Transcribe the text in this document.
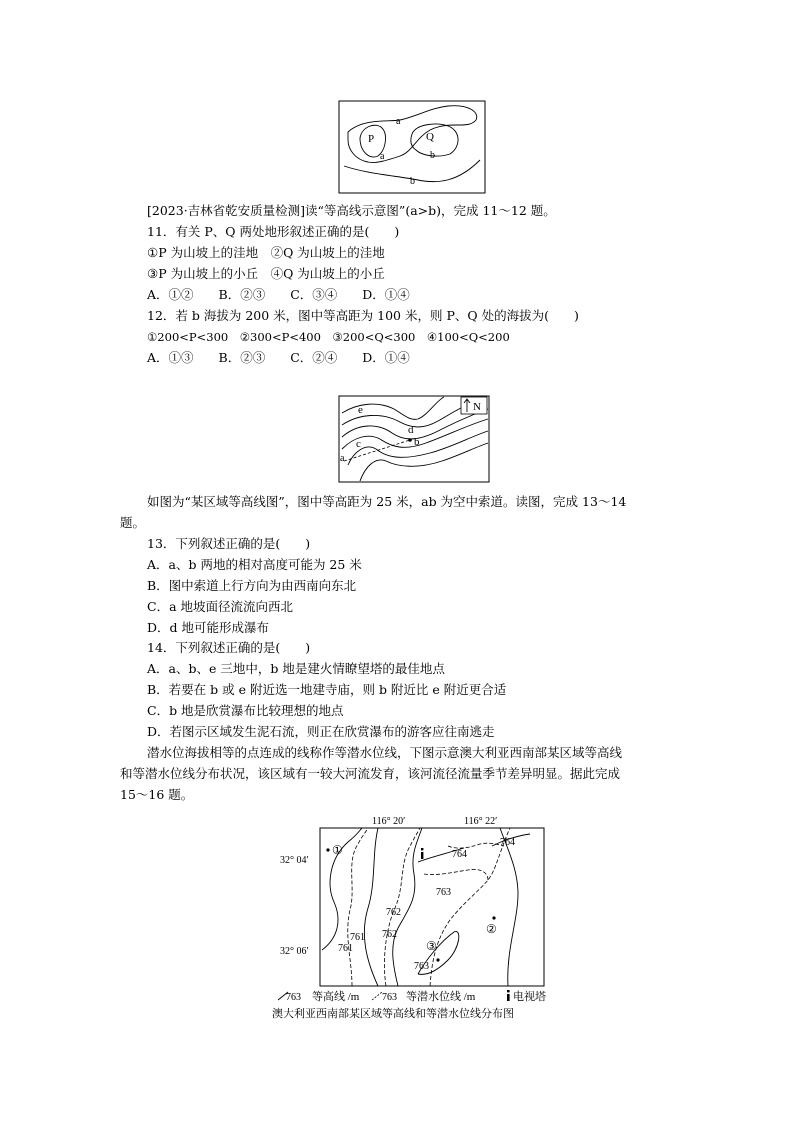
a
P	Q
a	b
b
[2023·吉林省乾安质量检测]读“等高线示意图”(a>b)，完成 11～12 题。
11．有关 P、Q 两处地形叙述正确的是(　　)
①P 为山坡上的洼地　②Q 为山坡上的洼地
③P 为山坡上的小丘　④Q 为山坡上的小丘
A．①②　　B．②③　　C．③④　　D．①④
12．若 b 海拔为 200 米，图中等高距为 100 米，则 P、Q 处的海拔为(　　)
①200<P<300　②300<P<400　③200<Q<300　④100<Q<200
A．①③　　B．②③　　C．②④　　D．①④
e
d
b
c
a
N
如图为“某区域等高线图”，图中等高距为 25 米，ab 为空中索道。读图，完成 13～14
题。
13．下列叙述正确的是(　　)
A．a、b 两地的相对高度可能为 25 米
B．图中索道上行方向为由西南向东北
C．a 地坡面径流流向西北
D．d 地可能形成瀑布
14．下列叙述正确的是(　　)
A．a、b、e 三地中，b 地是建火情瞭望塔的最佳地点
B．若要在 b 或 e 附近选一地建寺庙，则 b 附近比 e 附近更合适
C．b 地是欣赏瀑布比较理想的地点
D．若图示区域发生泥石流，则正在欣赏瀑布的游客应往南逃走
潜水位海拔相等的点连成的线称作等潜水位线，下图示意澳大利亚西南部某区域等高线
和等潜水位线分布状况，该区域有一较大河流发育，该河流径流量季节差异明显。据此完成
15～16 题。
116° 20′	116° 22′
32° 04′
32° 06′
①
②
③
764
764
763
763
762
762
761
761
763 等高线 /m 763 等潜水位线 /m	电视塔
澳大利亚西南部某区域等高线和等潜水位线分布图
